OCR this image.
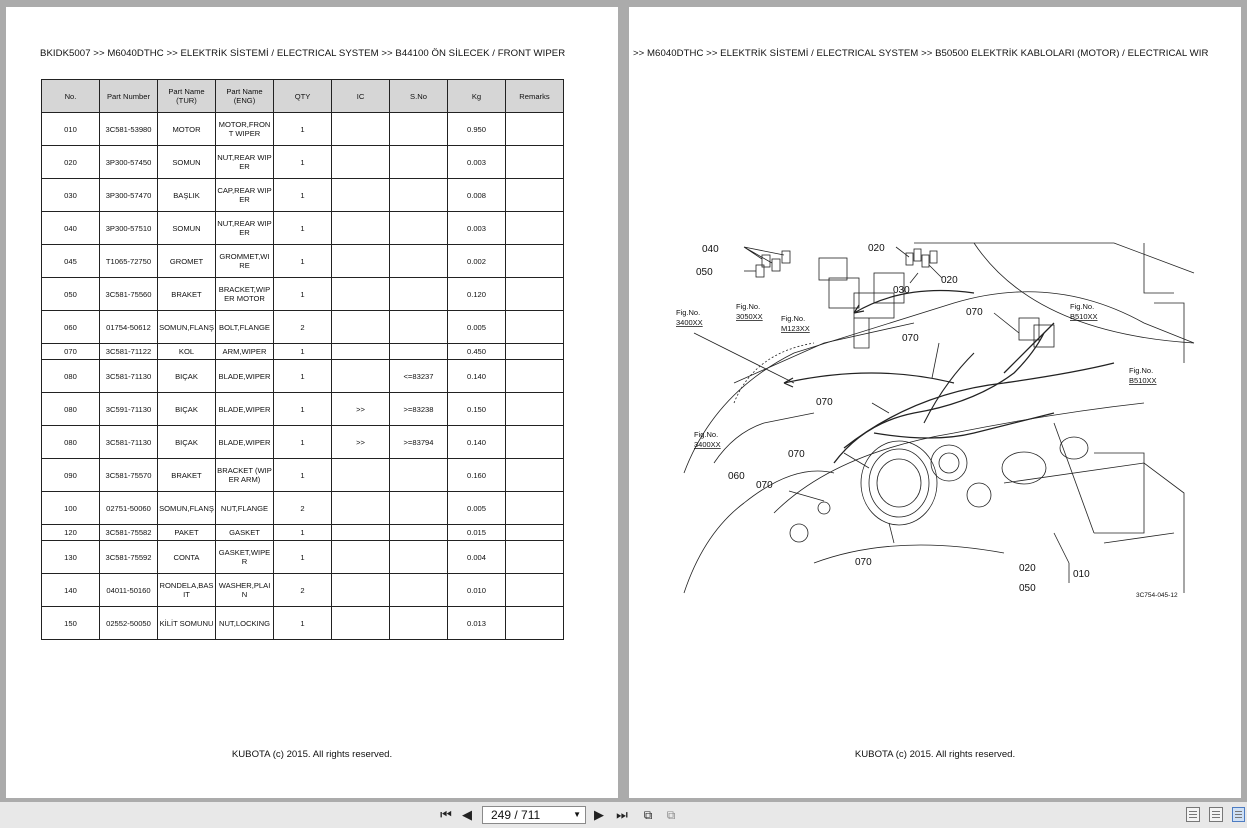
BKIDK5007 >> M6040DTHC >> ELEKTRİK SİSTEMİ / ELECTRICAL SYSTEM >> B44100 ÖN SİLECEK / FRONT WIPER
No.	Part Number	Part Name (TUR)	Part Name (ENG)	QTY	IC	S.No	Kg	Remarks
010	3C581-53980	MOTOR	MOTOR,FRONT WIPER	1			0.950	
020	3P300-57450	SOMUN	NUT,REAR WIPER	1			0.003	
030	3P300-57470	BAŞLIK	CAP,REAR WIPER	1			0.008	
040	3P300-57510	SOMUN	NUT,REAR WIPER	1			0.003	
045	T1065-72750	GROMET	GROMMET,WIRE	1			0.002	
050	3C581-75560	BRAKET	BRACKET,WIPER MOTOR	1			0.120	
060	01754-50612	SOMUN,FLANŞ	BOLT,FLANGE	2			0.005	
070	3C581-71122	KOL	ARM,WIPER	1			0.450	
080	3C581-71130	BIÇAK	BLADE,WIPER	1		<=83237	0.140	
080	3C591-71130	BIÇAK	BLADE,WIPER	1	>>	>=83238	0.150	
080	3C581-71130	BIÇAK	BLADE,WIPER	1	>>	>=83794	0.140	
090	3C581-75570	BRAKET	BRACKET (WIPER ARM)	1			0.160	
100	02751-50060	SOMUN,FLANŞ	NUT,FLANGE	2			0.005	
120	3C581-75582	PAKET	GASKET	1			0.015	
130	3C581-75592	CONTA	GASKET,WIPER	1			0.004	
140	04011-50160	RONDELA,BASIT	WASHER,PLAIN	2			0.010	
150	02552-50050	KİLİT SOMUNU	NUT,LOCKING	1			0.013	
KUBOTA (c) 2015. All rights reserved.
>> M6040DTHC >> ELEKTRİK SİSTEMİ / ELECTRICAL SYSTEM >> B50500 ELEKTRİK KABLOLARI (MOTOR) / ELECTRICAL WIR
040
050
020
030
020
070
070
070
070
060
070
070
020
010
050
Fig.No.
3400XX
Fig.No.
3050XX Fig.No.
M123XX
Fig.No.
B510XX
Fig.No.
B510XX
Fig.No.
3400XX
3C754-045-12
KUBOTA (c) 2015. All rights reserved.
⏮ ◀ 249 / 711	▼ ▶ ⏭	⧉	⧉
